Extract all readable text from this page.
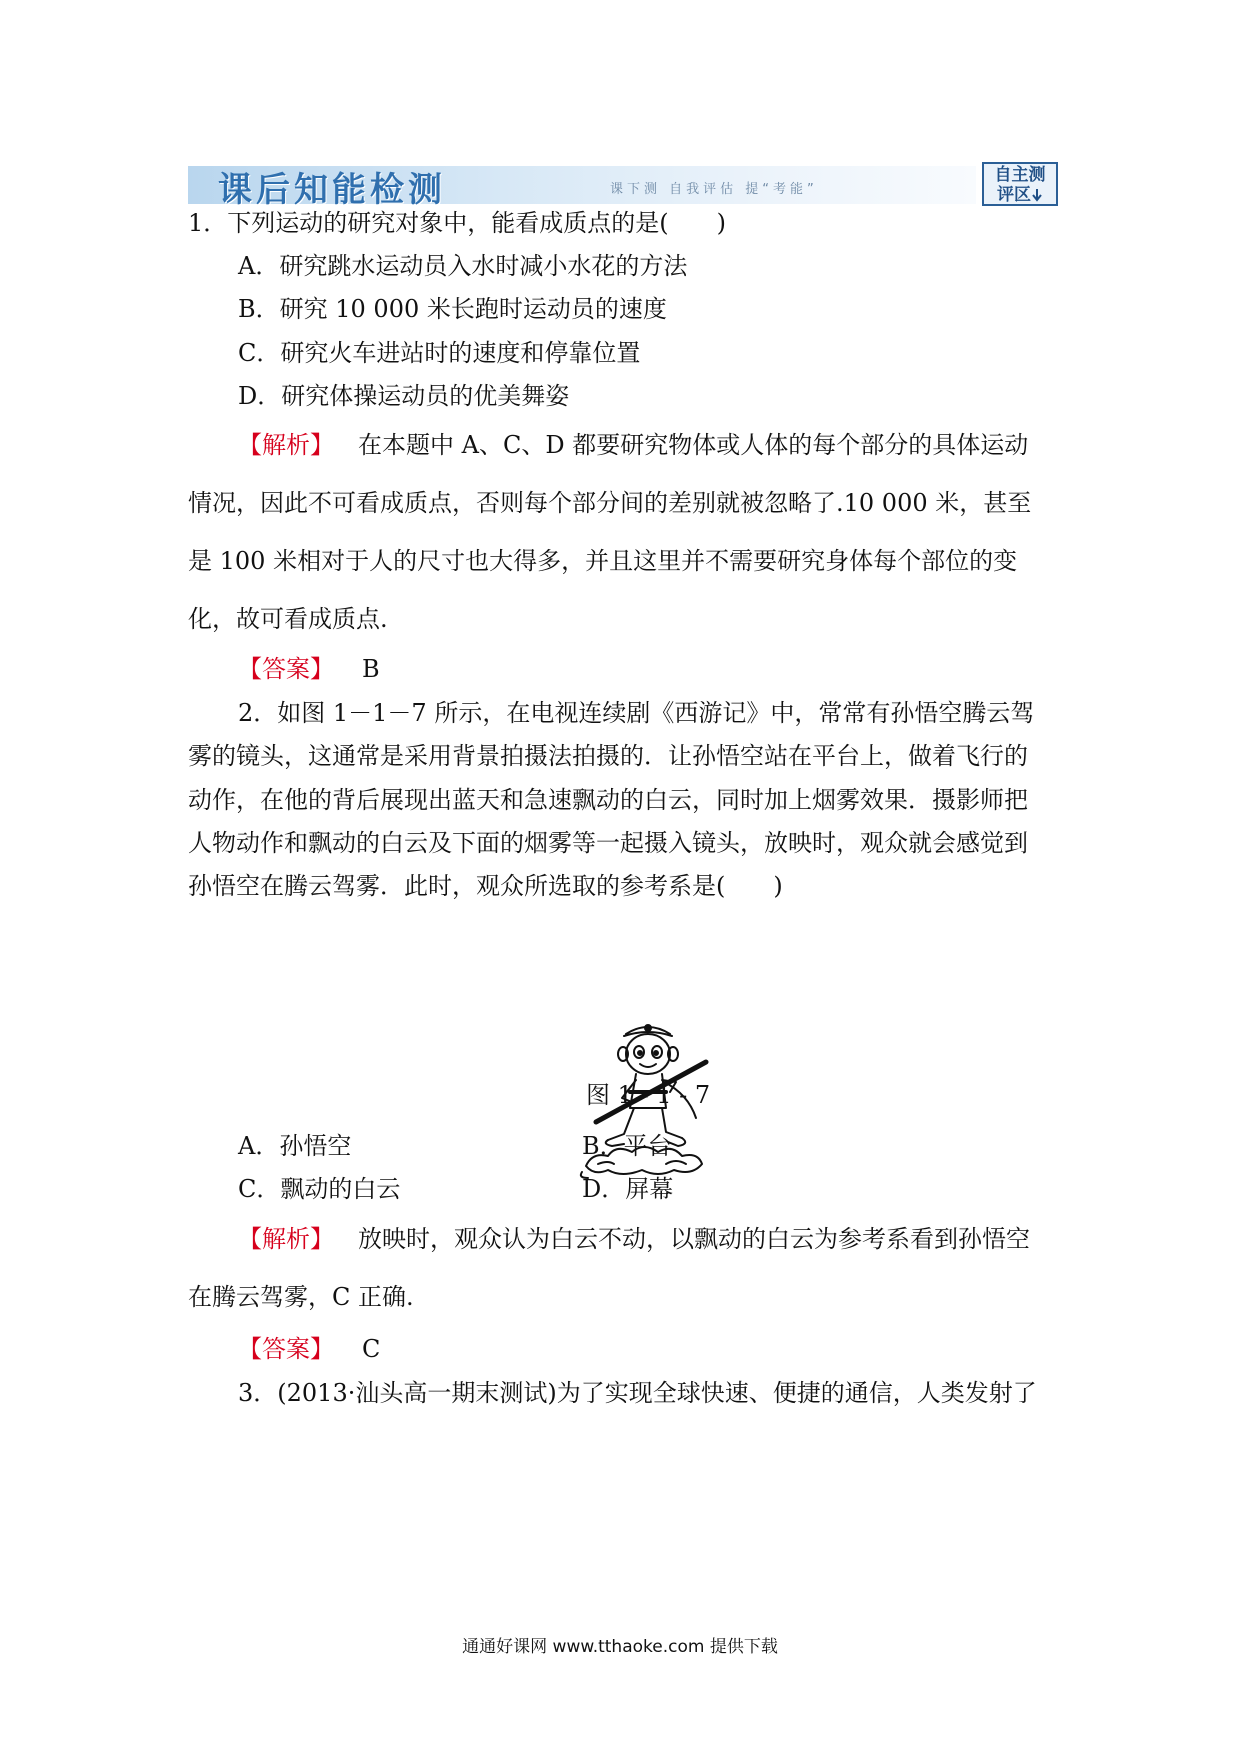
课后知能检测	课下测 自我评估 提“考能”
自主测
评区
1．下列运动的研究对象中，能看成质点的是(　　)
A．研究跳水运动员入水时减小水花的方法
B．研究 10 000 米长跑时运动员的速度
C．研究火车进站时的速度和停靠位置
D．研究体操运动员的优美舞姿
【解析】 在本题中 A、C、D 都要研究物体或人体的每个部分的具体运动
情况，因此不可看成质点，否则每个部分间的差别就被忽略了.10 000 米，甚至
是 100 米相对于人的尺寸也大得多，并且这里并不需要研究身体每个部位的变
化，故可看成质点.
【答案】 B
2．如图 1－1－7 所示，在电视连续剧《西游记》中，常常有孙悟空腾云驾
雾的镜头，这通常是采用背景拍摄法拍摄的．让孙悟空站在平台上，做着飞行的
动作，在他的背后展现出蓝天和急速飘动的白云，同时加上烟雾效果．摄影师把
人物动作和飘动的白云及下面的烟雾等一起摄入镜头，放映时，观众就会感觉到
孙悟空在腾云驾雾．此时，观众所选取的参考系是(　　)
图 1 - 1 - 7
A．孙悟空	B．平台
C．飘动的白云	D．屏幕
【解析】 放映时，观众认为白云不动，以飘动的白云为参考系看到孙悟空
在腾云驾雾，C 正确.
【答案】 C
3．(2013·汕头高一期末测试)为了实现全球快速、便捷的通信，人类发射了
通通好课网 www.tthaoke.com 提供下载
